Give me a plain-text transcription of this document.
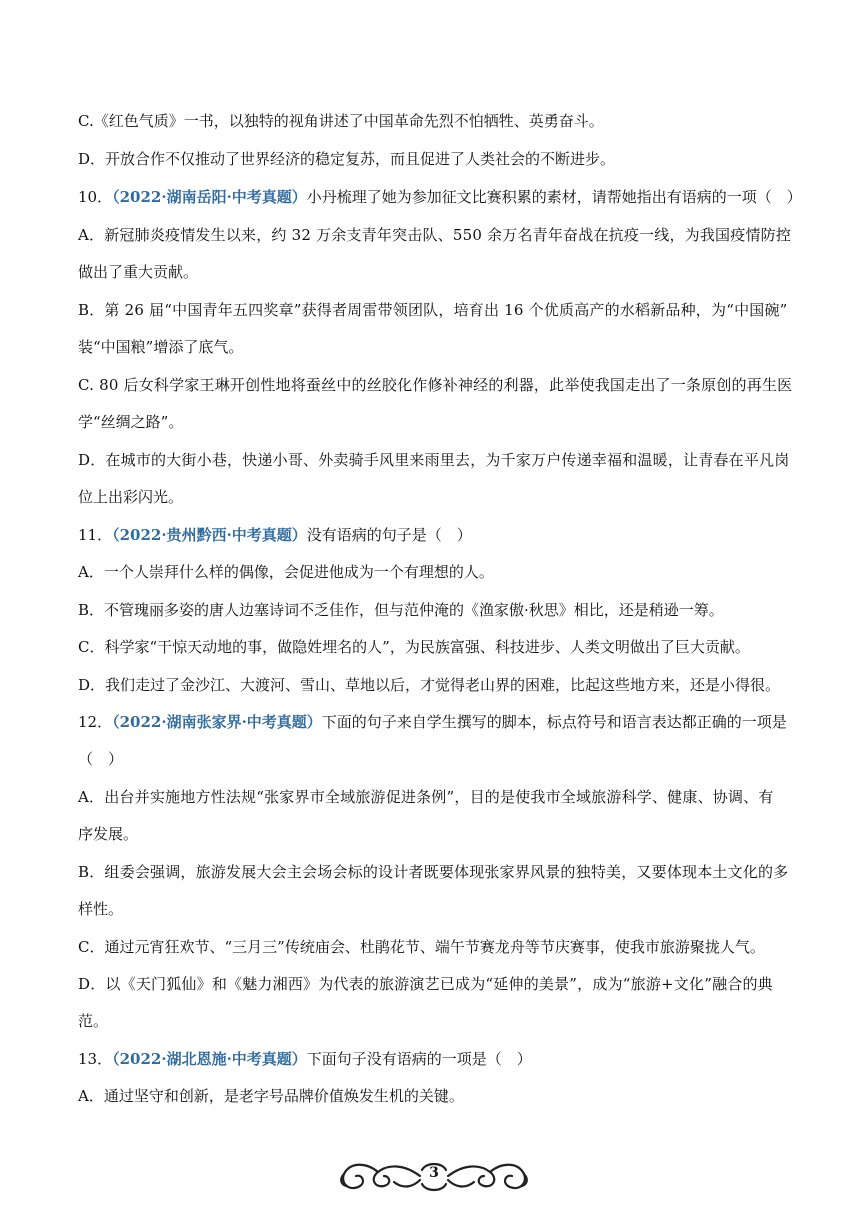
C.《红色气质》一书，以独特的视角讲述了中国革命先烈不怕牺牲、英勇奋斗。
D．开放合作不仅推动了世界经济的稳定复苏，而且促进了人类社会的不断进步。
10．（2022·湖南岳阳·中考真题）小丹梳理了她为参加征文比赛积累的素材，请帮她指出有语病的一项（　）
A．新冠肺炎疫情发生以来，约 32 万余支青年突击队、550 余万名青年奋战在抗疫一线，为我国疫情防控
做出了重大贡献。
B．第 26 届“中国青年五四奖章”获得者周雷带领团队，培育出 16 个优质高产的水稻新品种，为“中国碗”
装“中国粮”增添了底气。
C. 80 后女科学家王琳开创性地将蚕丝中的丝胶化作修补神经的利器，此举使我国走出了一条原创的再生医
学“丝绸之路”。
D．在城市的大街小巷，快递小哥、外卖骑手风里来雨里去，为千家万户传递幸福和温暖，让青春在平凡岗
位上出彩闪光。
11．（2022·贵州黔西·中考真题）没有语病的句子是（　）
A．一个人崇拜什么样的偶像，会促进他成为一个有理想的人。
B．不管瑰丽多姿的唐人边塞诗词不乏佳作，但与范仲淹的《渔家傲·秋思》相比，还是稍逊一筹。
C．科学家“干惊天动地的事，做隐姓埋名的人”，为民族富强、科技进步、人类文明做出了巨大贡献。
D．我们走过了金沙江、大渡河、雪山、草地以后，才觉得老山界的困难，比起这些地方来，还是小得很。
12．（2022·湖南张家界·中考真题）下面的句子来自学生撰写的脚本，标点符号和语言表达都正确的一项是
（　）
A．出台并实施地方性法规“张家界市全域旅游促进条例”，目的是使我市全域旅游科学、健康、协调、有
序发展。
B．组委会强调，旅游发展大会主会场会标的设计者既要体现张家界风景的独特美，又要体现本土文化的多
样性。
C．通过元宵狂欢节、“三月三”传统庙会、杜鹃花节、端午节赛龙舟等节庆赛事，使我市旅游聚拢人气。
D．以《天门狐仙》和《魅力湘西》为代表的旅游演艺已成为“延伸的美景”，成为“旅游+文化”融合的典
范。
13．（2022·湖北恩施·中考真题）下面句子没有语病的一项是（　）
A．通过坚守和创新，是老字号品牌价值焕发生机的关键。
3
